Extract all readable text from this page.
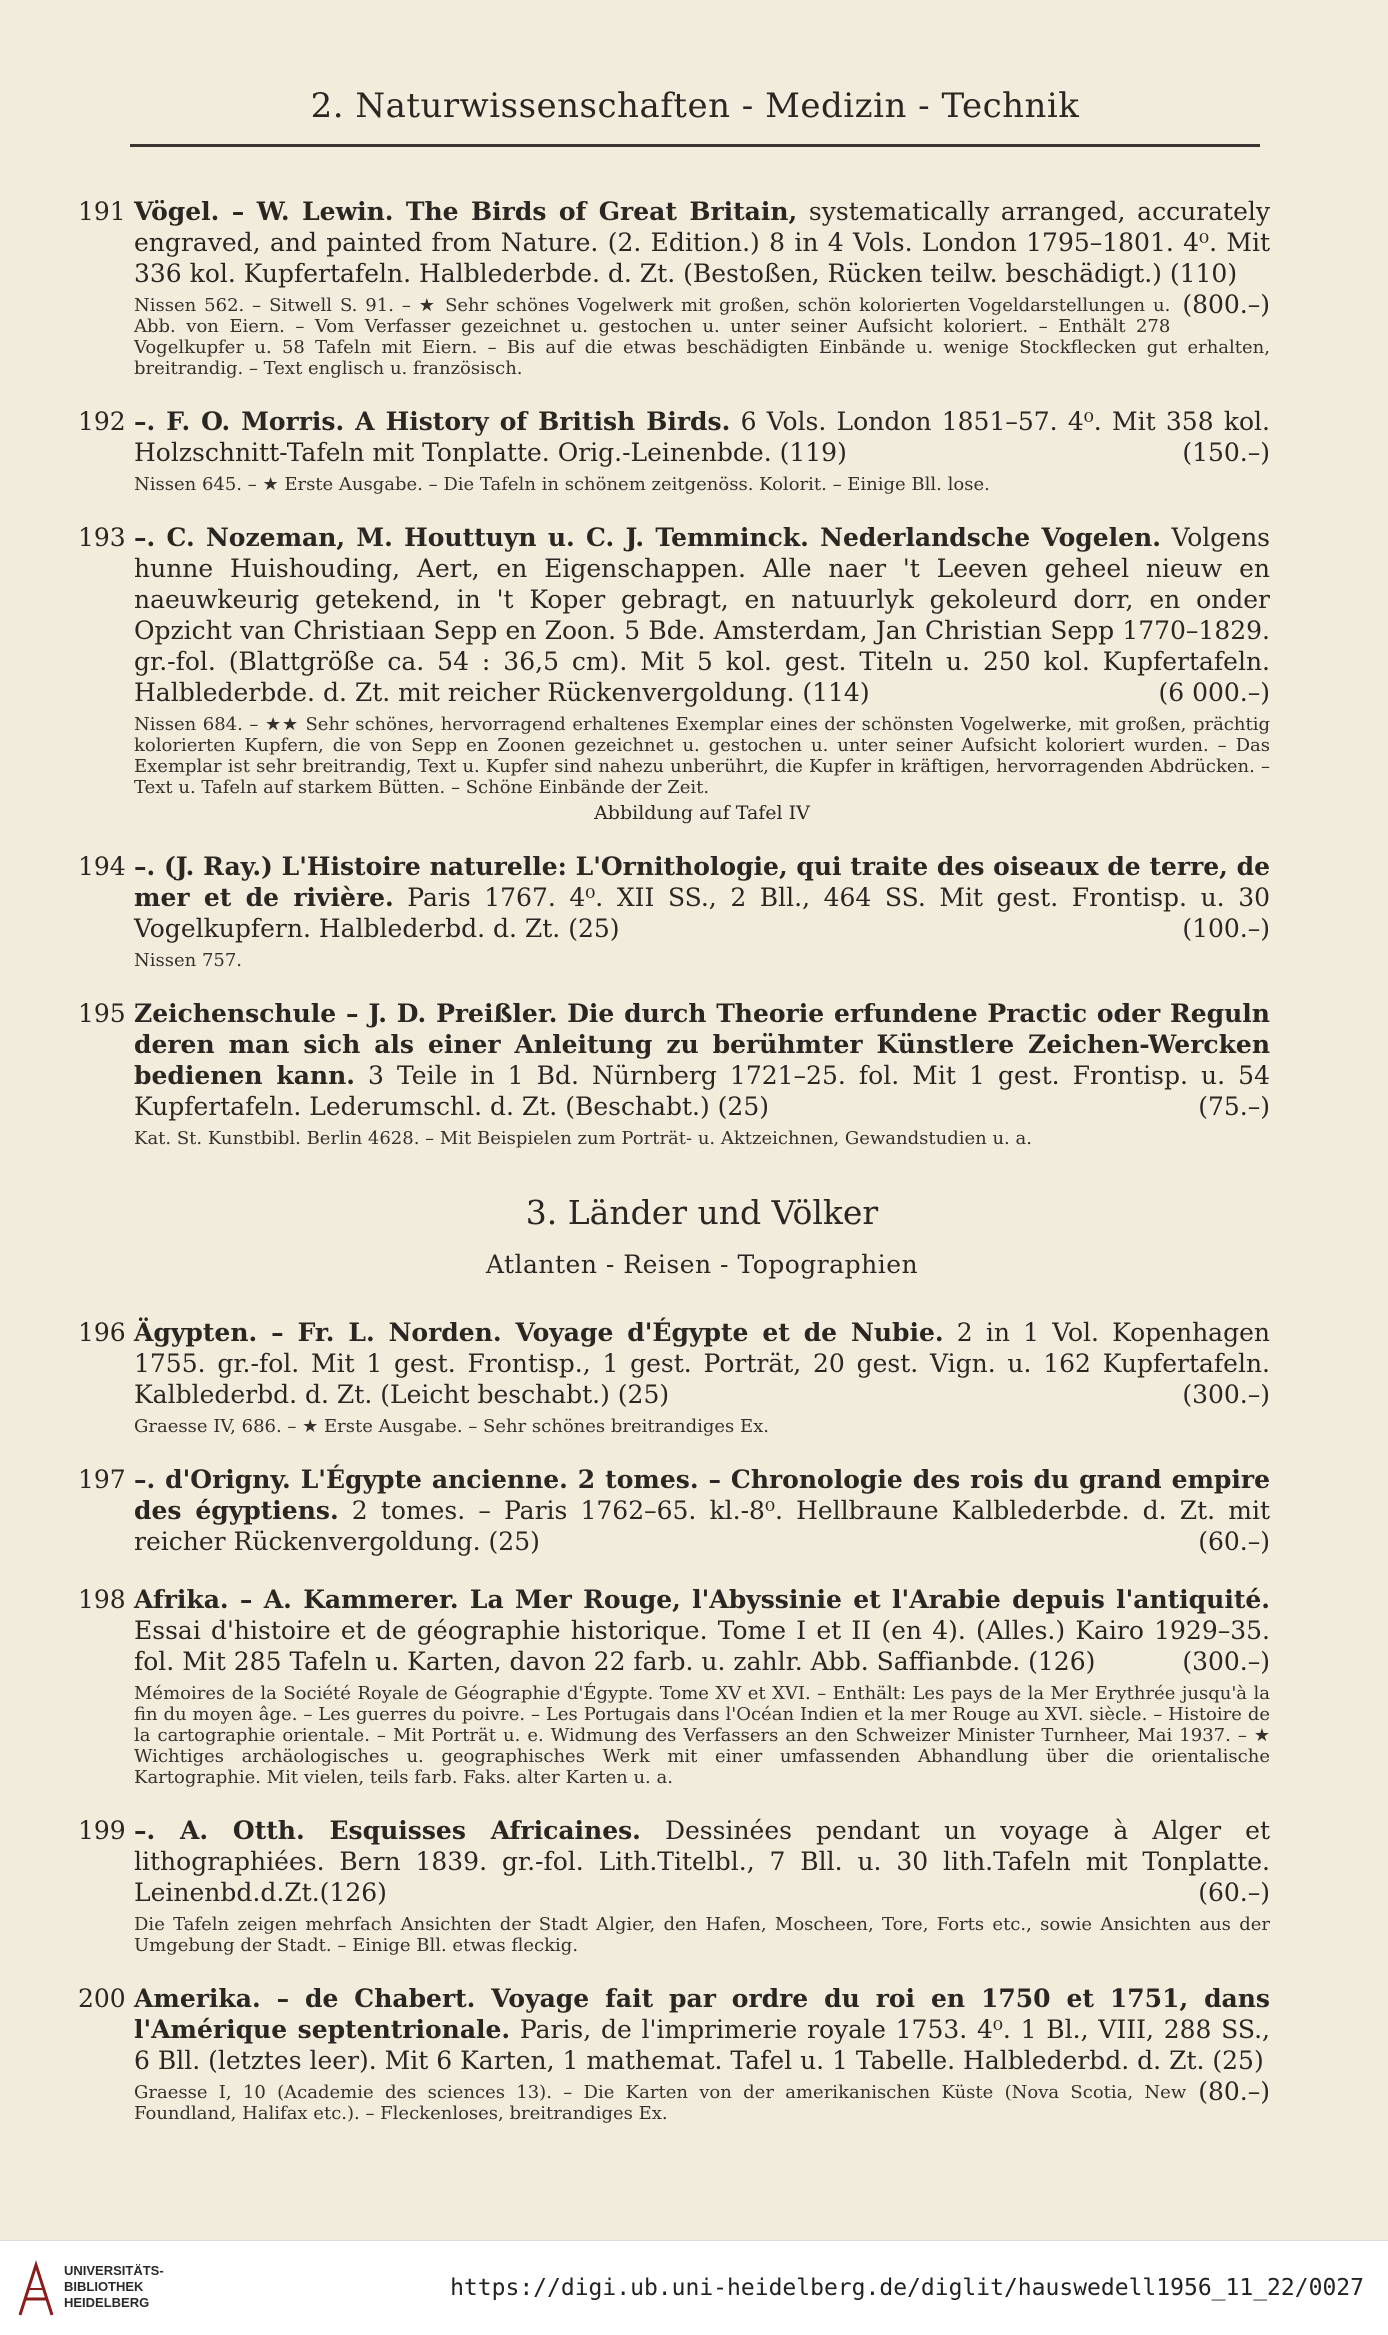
2. Naturwissenschaften - Medizin - Technik
191 Vögel. – W. Lewin. The Birds of Great Britain, systematically arranged, accurately engraved, and painted from Nature. (2. Edition.) 8 in 4 Vols. London 1795–1801. 4⁰. Mit 336 kol. Kupfertafeln. Halblederbde. d. Zt. (Bestoßen, Rücken teilw. beschädigt.) (110)
(800.–)
Nissen 562. – Sitwell S. 91. – ★ Sehr schönes Vogelwerk mit großen, schön kolorierten Vogeldarstellungen u. Abb. von Eiern. – Vom Verfasser gezeichnet u. gestochen u. unter seiner Aufsicht koloriert. – Enthält 278 Vogelkupfer u. 58 Tafeln mit Eiern. – Bis auf die etwas beschädigten Einbände u. wenige Stockflecken gut erhalten, breitrandig. – Text englisch u. französisch.
192 –. F. O. Morris. A History of British Birds. 6 Vols. London 1851–57. 4⁰. Mit 358 kol. Holzschnitt-Tafeln mit Tonplatte. Orig.-Leinenbde. (119)	(150.–)
Nissen 645. – ★ Erste Ausgabe. – Die Tafeln in schönem zeitgenöss. Kolorit. – Einige Bll. lose.
193 –. C. Nozeman, M. Houttuyn u. C. J. Temminck. Nederlandsche Vogelen. Volgens hunne Huishouding, Aert, en Eigenschappen. Alle naer 't Leeven geheel nieuw en naeuwkeurig getekend, in 't Koper gebragt, en natuurlyk gekoleurd dorr, en onder Opzicht van Christiaan Sepp en Zoon. 5 Bde. Amsterdam, Jan Christian Sepp 1770–1829. gr.-fol. (Blattgröße ca. 54 : 36,5 cm). Mit 5 kol. gest. Titeln u. 250 kol. Kupfertafeln. Halblederbde. d. Zt. mit reicher Rückenvergoldung. (114)	(6 000.–)
Nissen 684. – ★★ Sehr schönes, hervorragend erhaltenes Exemplar eines der schönsten Vogelwerke, mit großen, prächtig kolorierten Kupfern, die von Sepp en Zoonen gezeichnet u. gestochen u. unter seiner Aufsicht koloriert wurden. – Das Exemplar ist sehr breitrandig, Text u. Kupfer sind nahezu unberührt, die Kupfer in kräftigen, hervorragenden Abdrücken. – Text u. Tafeln auf starkem Bütten. – Schöne Einbände der Zeit.
Abbildung auf Tafel IV
194 –. (J. Ray.) L'Histoire naturelle: L'Ornithologie, qui traite des oiseaux de terre, de mer et de rivière. Paris 1767. 4⁰. XII SS., 2 Bll., 464 SS. Mit gest. Frontisp. u. 30 Vogelkupfern. Halblederbd. d. Zt. (25)	(100.–)
Nissen 757.
195 Zeichenschule – J. D. Preißler. Die durch Theorie erfundene Practic oder Reguln deren man sich als einer Anleitung zu berühmter Künstlere Zeichen-Wercken bedienen kann. 3 Teile in 1 Bd. Nürnberg 1721–25. fol. Mit 1 gest. Frontisp. u. 54 Kupfertafeln. Lederumschl. d. Zt. (Beschabt.) (25)	(75.–)
Kat. St. Kunstbibl. Berlin 4628. – Mit Beispielen zum Porträt- u. Aktzeichnen, Gewandstudien u. a.
3. Länder und Völker
Atlanten - Reisen - Topographien
196 Ägypten. – Fr. L. Norden. Voyage d'Égypte et de Nubie. 2 in 1 Vol. Kopenhagen 1755. gr.-fol. Mit 1 gest. Frontisp., 1 gest. Porträt, 20 gest. Vign. u. 162 Kupfertafeln. Kalblederbd. d. Zt. (Leicht beschabt.) (25)	(300.–)
Graesse IV, 686. – ★ Erste Ausgabe. – Sehr schönes breitrandiges Ex.
197 –. d'Origny. L'Égypte ancienne. 2 tomes. – Chronologie des rois du grand empire des égyptiens. 2 tomes. – Paris 1762–65. kl.-8⁰. Hellbraune Kalblederbde. d. Zt. mit reicher Rückenvergoldung. (25)	(60.–)
198 Afrika. – A. Kammerer. La Mer Rouge, l'Abyssinie et l'Arabie depuis l'antiquité. Essai d'histoire et de géographie historique. Tome I et II (en 4). (Alles.) Kairo 1929–35. fol. Mit 285 Tafeln u. Karten, davon 22 farb. u. zahlr. Abb. Saffianbde. (126)	(300.–)
Mémoires de la Société Royale de Géographie d'Égypte. Tome XV et XVI. – Enthält: Les pays de la Mer Erythrée jusqu'à la fin du moyen âge. – Les guerres du poivre. – Les Portugais dans l'Océan Indien et la mer Rouge au XVI. siècle. – Histoire de la cartographie orientale. – Mit Porträt u. e. Widmung des Verfassers an den Schweizer Minister Turnheer, Mai 1937. – ★ Wichtiges archäologisches u. geographisches Werk mit einer umfassenden Abhandlung über die orientalische Kartographie. Mit vielen, teils farb. Faks. alter Karten u. a.
199 –. A. Otth. Esquisses Africaines. Dessinées pendant un voyage à Alger et lithographiées. Bern 1839. gr.-fol. Lith.Titelbl., 7 Bll. u. 30 lith.Tafeln mit Tonplatte. Leinenbd.d.Zt.(126)	(60.–)
Die Tafeln zeigen mehrfach Ansichten der Stadt Algier, den Hafen, Moscheen, Tore, Forts etc., sowie Ansichten aus der Umgebung der Stadt. – Einige Bll. etwas fleckig.
200 Amerika. – de Chabert. Voyage fait par ordre du roi en 1750 et 1751, dans l'Amérique septentrionale. Paris, de l'imprimerie royale 1753. 4⁰. 1 Bl., VIII, 288 SS., 6 Bll. (letztes leer). Mit 6 Karten, 1 mathemat. Tafel u. 1 Tabelle. Halblederbd. d. Zt. (25)
(80.–)
Graesse I, 10 (Academie des sciences 13). – Die Karten von der amerikanischen Küste (Nova Scotia, New Foundland, Halifax etc.). – Fleckenloses, breitrandiges Ex.
UNIVERSITÄTS-
BIBLIOTHEK
HEIDELBERG
https://digi.ub.uni-heidelberg.de/diglit/hauswedell1956_11_22/0027
